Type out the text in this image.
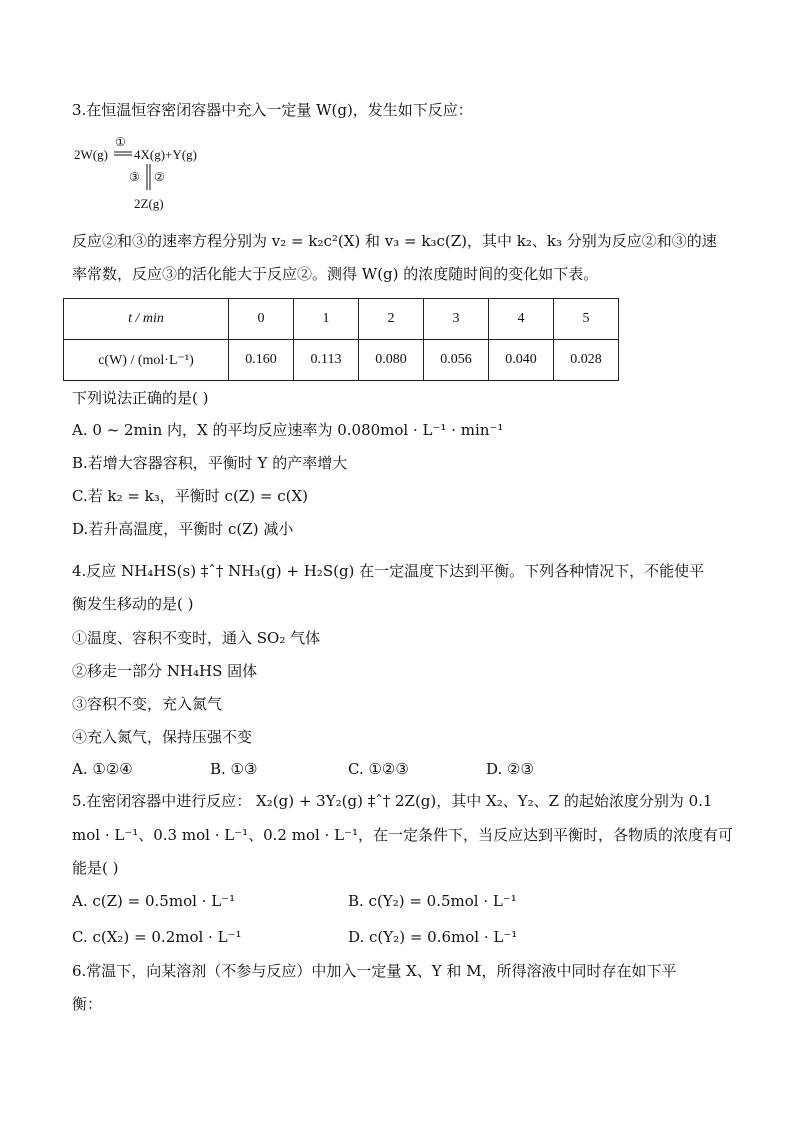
3.在恒温恒容密闭容器中充入一定量 W(g)，发生如下反应：
2W(g)
①
4X(g)+Y(g)
③ ②
2Z(g)
反应②和③的速率方程分别为 v₂ = k₂c²(X) 和 v₃ = k₃c(Z)，其中 k₂、k₃ 分别为反应②和③的速
率常数，反应③的活化能大于反应②。测得 W(g) 的浓度随时间的变化如下表。
t / min	0	1	2	3	4	5
c(W) / (mol·L⁻¹)	0.160	0.113	0.080	0.056	0.040	0.028
下列说法正确的是( )
A. 0 ~ 2min 内，X 的平均反应速率为 0.080mol · L⁻¹ · min⁻¹
B.若增大容器容积，平衡时 Y 的产率增大
C.若 k₂ = k₃，平衡时 c(Z) = c(X)
D.若升高温度，平衡时 c(Z) 减小
4.反应 NH₄HS(s) ‡ˆ† NH₃(g) + H₂S(g) 在一定温度下达到平衡。下列各种情况下，不能使平
衡发生移动的是( )
①温度、容积不变时，通入 SO₂ 气体
②移走一部分 NH₄HS 固体
③容积不变，充入氮气
④充入氮气，保持压强不变
A. ①②④	B. ①③	C. ①②③	D. ②③
5.在密闭容器中进行反应： X₂(g) + 3Y₂(g) ‡ˆ† 2Z(g)，其中 X₂、Y₂、Z 的起始浓度分别为 0.1
mol · L⁻¹、0.3 mol · L⁻¹、0.2 mol · L⁻¹，在一定条件下，当反应达到平衡时，各物质的浓度有可
能是( )
A. c(Z) = 0.5mol · L⁻¹	B. c(Y₂) = 0.5mol · L⁻¹
C. c(X₂) = 0.2mol · L⁻¹	D. c(Y₂) = 0.6mol · L⁻¹
6.常温下，向某溶剂（不参与反应）中加入一定量 X、Y 和 M，所得溶液中同时存在如下平
衡：
